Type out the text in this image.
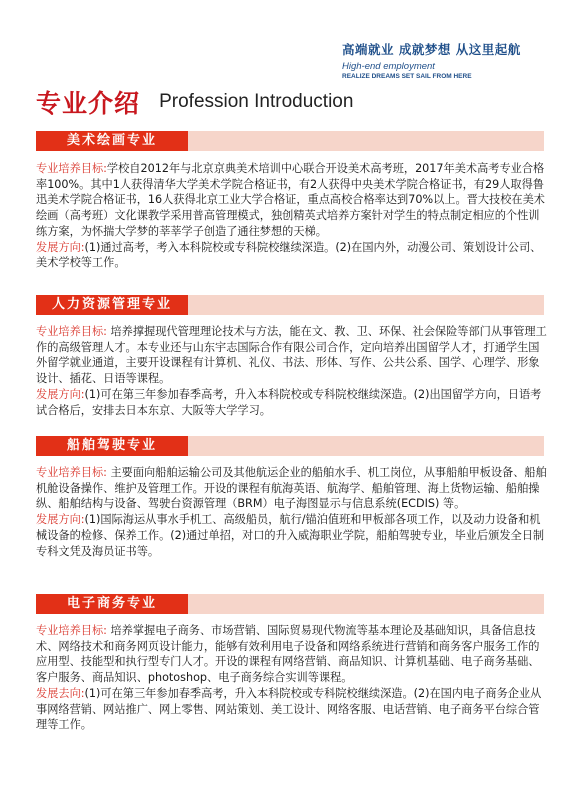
高端就业 成就梦想 从这里起航
High-end employment
REALIZE DREAMS SET SAIL FROM HERE
专业介绍 Profession Introduction
美术绘画专业

专业培养目标:学校自2012年与北京京典美术培训中心联合开设美术高考班，2017年美术高考专业合格率100%。其中1人获得清华大学美术学院合格证书，有2人获得中央美术学院合格证书，有29人取得鲁迅美术学院合格证书，16人获得北京工业大学合格证，重点高校合格率达到70%以上。晋大技校在美术绘画（高考班）文化课教学采用普高管理模式，独创精英式培养方案针对学生的特点制定相应的个性训练方案，为怀揣大学梦的莘莘学子创造了通往梦想的天梯。

发展方向:(1)通过高考，考入本科院校或专科院校继续深造。(2)在国内外，动漫公司、策划设计公司、美术学校等工作。

人力资源管理专业

专业培养目标: 培养撑握现代管理理论技术与方法，能在文、教、卫、环保、社会保险等部门从事管理工作的高级管理人才。本专业还与山东宇志国际合作有限公司合作，定向培养出国留学人才，打通学生国外留学就业通道，主要开设课程有计算机、礼仪、书法、形体、写作、公共公系、国学、心理学、形象设计、插花、日语等课程。

发展方向:(1)可在第三年参加春季高考，升入本科院校或专科院校继续深造。(2)出国留学方向，日语考试合格后，安排去日本东京、大阪等大学学习。

船舶驾驶专业

专业培养目标: 主要面向船舶运输公司及其他航运企业的船舶水手、机工岗位，从事船舶甲板设备、船舶机舱设备操作、维护及管理工作。开设的课程有航海英语、航海学、船舶管理、海上货物运输、船舶操纵、船舶结构与设备、驾驶台资源管理（BRM）电子海图显示与信息系统(ECDIS) 等。

发展方向:(1)国际海运从事水手机工、高级船员，航行/锚泊值班和甲板部各项工作，以及动力设备和机械设备的检修、保养工作。(2)通过单招，对口的升入威海职业学院，船舶驾驶专业，毕业后颁发全日制专科文凭及海员证书等。

电子商务专业

专业培养目标: 培养掌握电子商务、市场营销、国际贸易现代物流等基本理论及基础知识，具备信息技术、网络技术和商务网页设计能力，能够有效利用电子设备和网络系统进行营销和商务客户服务工作的应用型、技能型和执行型专门人才。开设的课程有网络营销、商品知识、计算机基础、电子商务基础、客户服务、商品知识、photoshop、电子商务综合实训等课程。

发展去向:(1)可在第三年参加春季高考，升入本科院校或专科院校继续深造。(2)在国内电子商务企业从事网络营销、网站推广、网上零售、网站策划、美工设计、网络客服、电话营销、电子商务平台综合管理等工作。
